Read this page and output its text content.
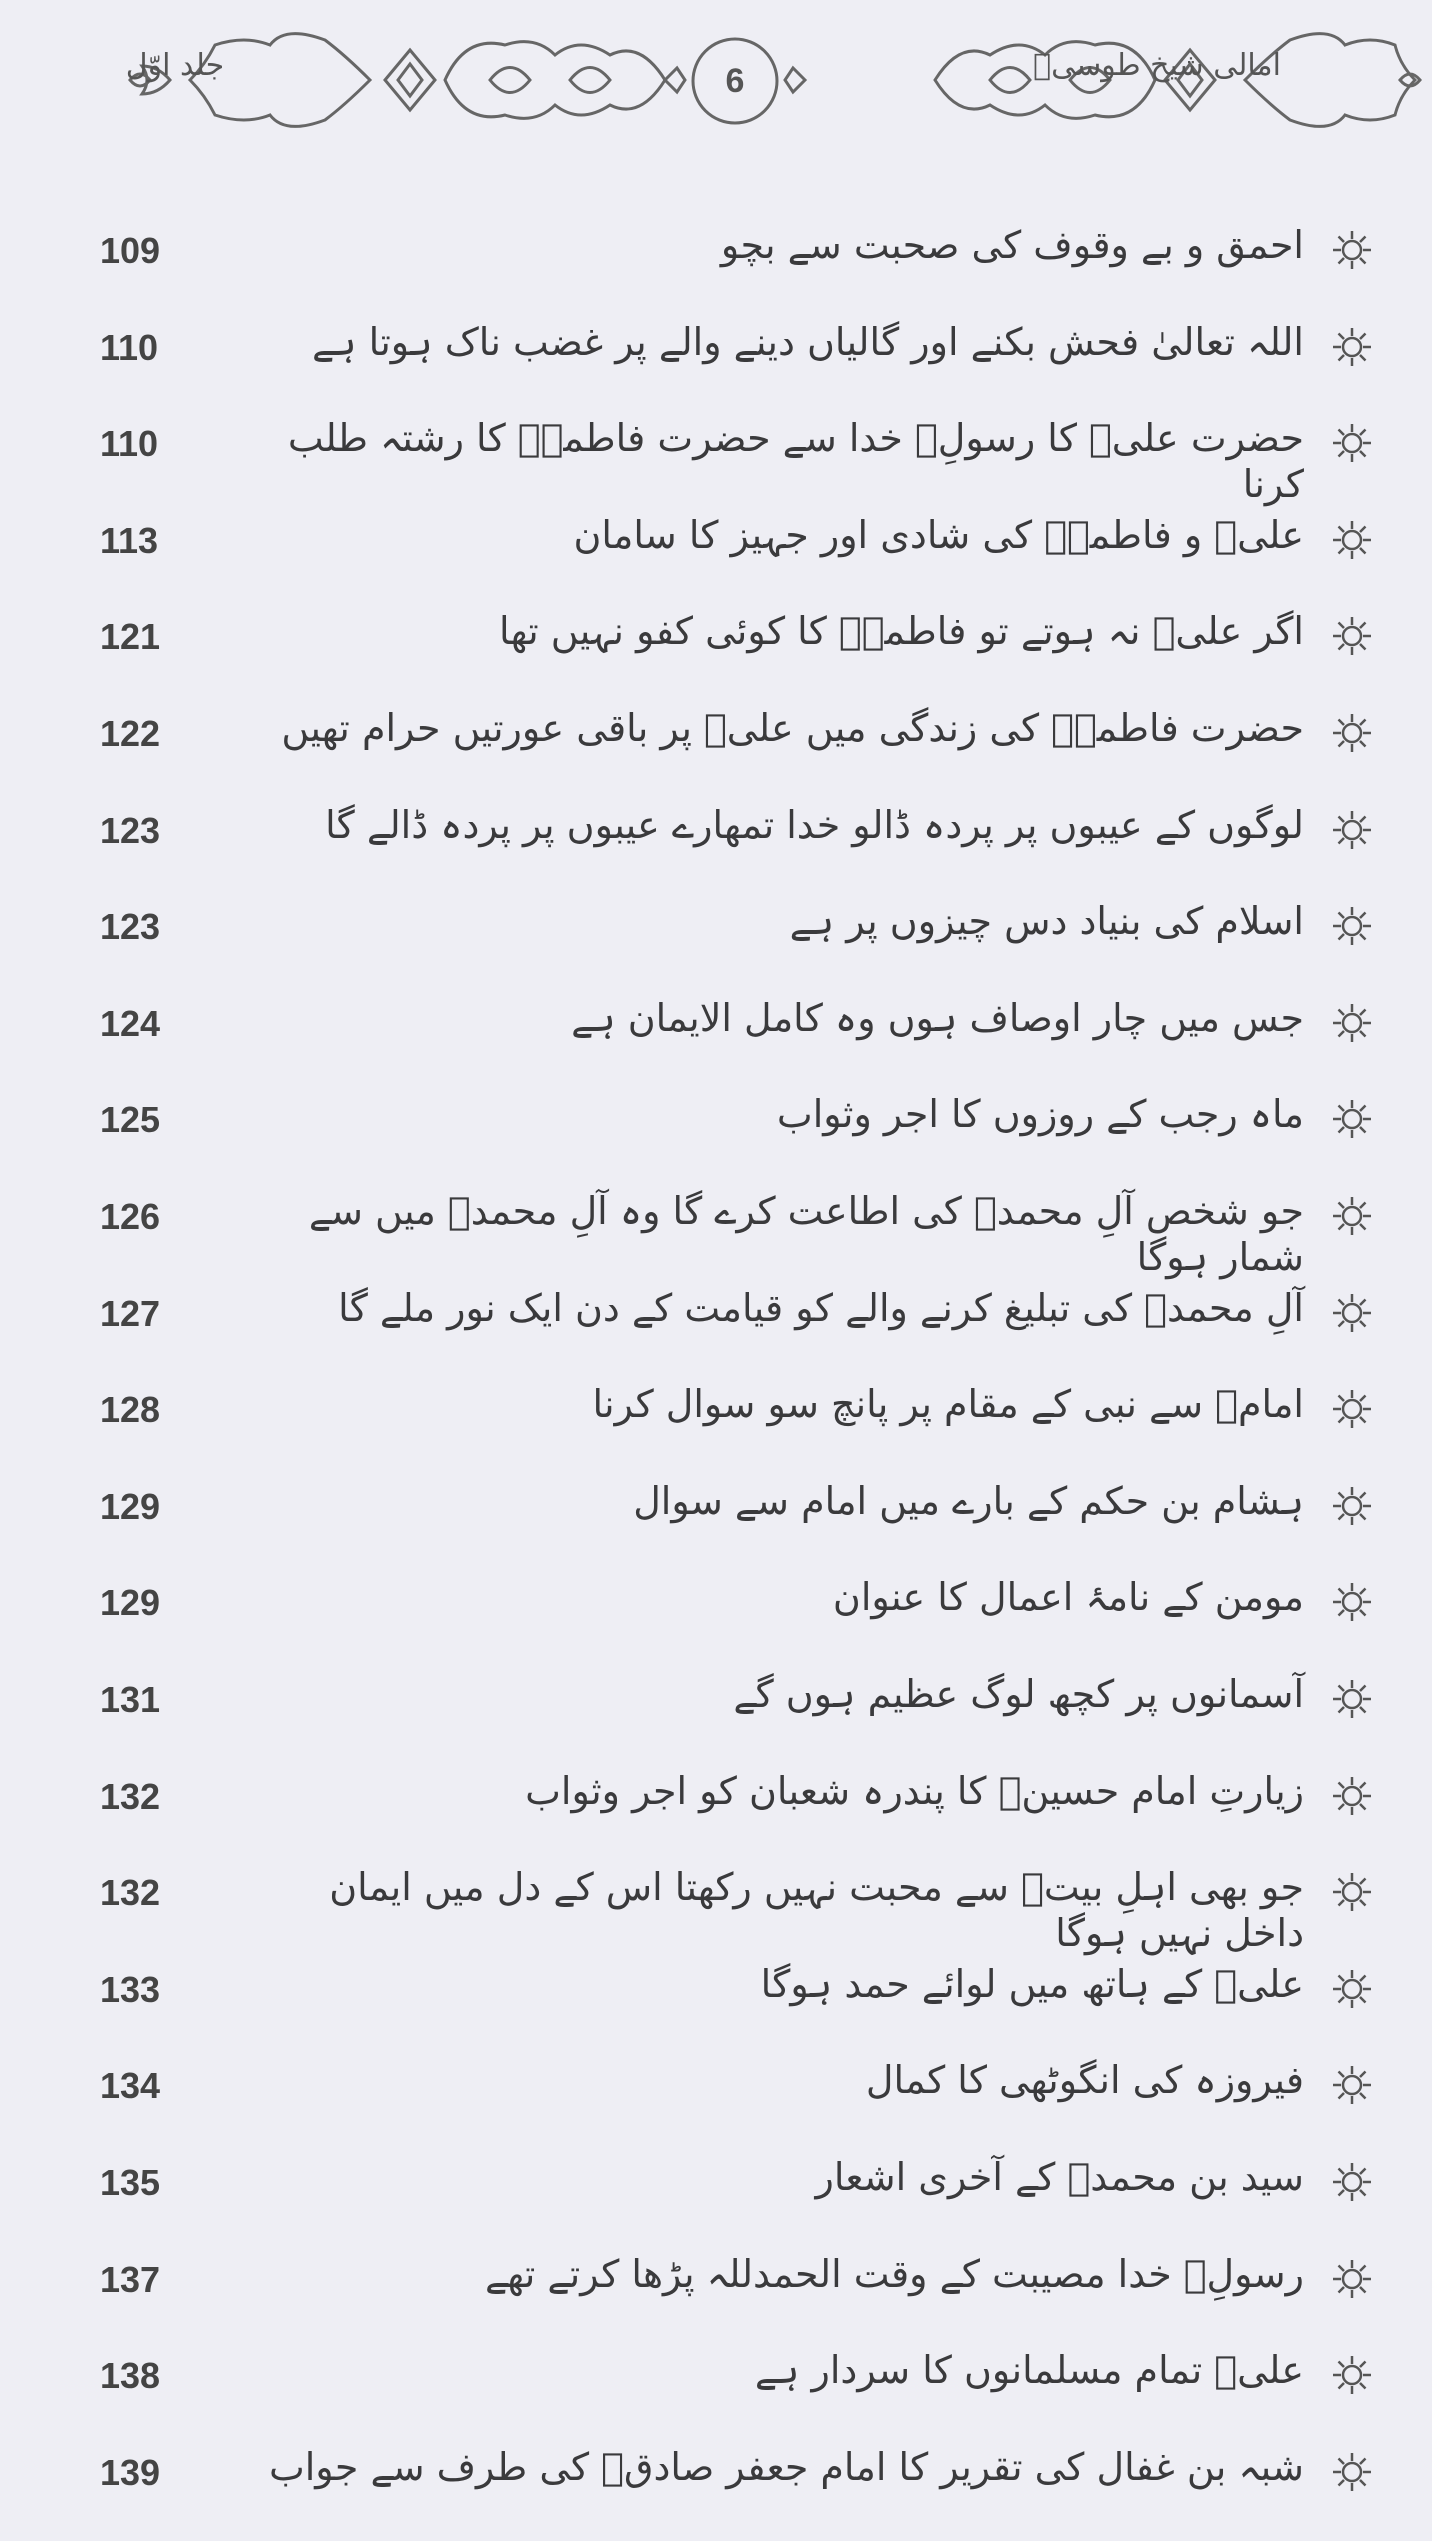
امالی شیخ طوسیؒ
6
جلد اوّل
احمق و بے وقوف کی صحبت سے بچو
109
اللہ تعالیٰ فحش بکنے اور گالیاں دینے والے پر غضب ناک ہوتا ہے
110
حضرت علیؑ کا رسولِؐ خدا سے حضرت فاطمہؑ کا رشتہ طلب کرنا
110
علیؑ و فاطمہؑ کی شادی اور جہیز کا سامان
113
اگر علیؑ نہ ہوتے تو فاطمہؑ کا کوئی کفو نہیں تھا
121
حضرت فاطمہؑ کی زندگی میں علیؑ پر باقی عورتیں حرام تھیں
122
لوگوں کے عیبوں پر پردہ ڈالو خدا تمھارے عیبوں پر پردہ ڈالے گا
123
اسلام کی بنیاد دس چیزوں پر ہے
123
جس میں چار اوصاف ہوں وہ کامل الایمان ہے
124
ماہ رجب کے روزوں کا اجر وثواب
125
جو شخص آلِ محمدؐ کی اطاعت کرے گا وہ آلِ محمدؐ میں سے شمار ہوگا
126
آلِ محمدؐ کی تبلیغ کرنے والے کو قیامت کے دن ایک نور ملے گا
127
امامؑ سے نبی کے مقام پر پانچ سو سوال کرنا
128
ہشام بن حکم کے بارے میں امام سے سوال
129
مومن کے نامۂ اعمال کا عنوان
129
آسمانوں پر کچھ لوگ عظیم ہوں گے
131
زیارتِ امام حسینؑ کا پندرہ شعبان کو اجر وثواب
132
جو بھی اہلِ بیتؑ سے محبت نہیں رکھتا اس کے دل میں ایمان داخل نہیں ہوگا
132
علیؑ کے ہاتھ میں لوائے حمد ہوگا
133
فیروزہ کی انگوٹھی کا کمال
134
سید بن محمدؒ کے آخری اشعار
135
رسولِؐ خدا مصیبت کے وقت الحمدللہ پڑھا کرتے تھے
137
علیؑ تمام مسلمانوں کا سردار ہے
138
شبہ بن غفال کی تقریر کا امام جعفر صادقؑ کی طرف سے جواب
139
